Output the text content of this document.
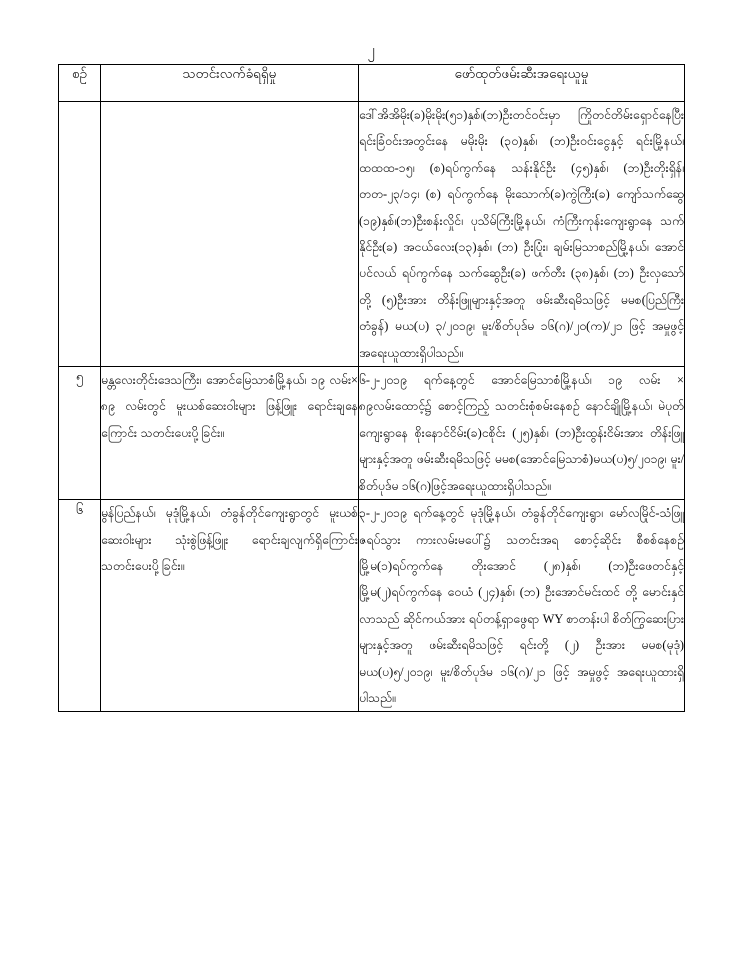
၂
စဉ်	သတင်းလက်ခံရရှိမှု	ဖော်ထုတ်ဖမ်းဆီးအရေးယူမှု
		ဒေါ်အိအိမိုး(ခ)မိုးမိုး(၅၁)နှစ်၊(ဘ)ဦးတင်ဝင်းမှာ ကြိုတင်တိမ်းရှောင်နေပြီး ရင်းခြံဝင်းအတွင်းနေ မမိုးမိုး (၃၀)နှစ်၊ (ဘ)ဦးဝင်းငွေနှင့် ရင်းမြို့နယ်၊ ထထထ-၁၅၊ (စ)ရပ်ကွက်နေ သန်းနိုင်ဦး (၄၅)နှစ်၊ (ဘ)ဦးတိုးရှိန်၊ တတ-၂၃/၁၄၊ (စ) ရပ်ကွက်နေ မိုးသောက်(ခ)ကွဲကြီး(ခ) ကျော်သက်ဆွေ (၁၉)နှစ်၊(ဘ)ဦးစန်းလှိုင်၊ ပုသိမ်ကြီးမြို့နယ်၊ ကံကြီးကုန်းကျေးရွာနေ သက်နိုင်ဦး(ခ) အငယ်လေး(၁၃)နှစ်၊ (ဘ) ဦးပြုံး၊ ချမ်းမြသာစည်မြို့နယ်၊ အောင်ပင်လယ် ရပ်ကွက်နေ သက်ဆွေဦး(ခ) ဖက်တီး (၃၈)နှစ်၊ (ဘ) ဦးလှသော် တို့ (၅)ဦးအား တိန်းဖြူများနှင့်အတူ ဖမ်းဆီးရမိသဖြင့် မမစ(ပြည်ကြီးတံခွန်) မယ(ပ) ၃/၂၀၁၉၊ မူး/စိတ်ပုဒ်မ ၁၆(ဂ)/၂၀(က)/၂၁ ဖြင့် အမှုဖွင့် အရေးယူထားရှိပါသည်။
၅	မန္တလေးတိုင်းဒေသကြီး၊ အောင်မြေသာစံမြို့နယ်၊ ၁၉ လမ်း× ၈၉ လမ်းတွင် မူးယစ်ဆေးဝါးများ ဖြန့်ဖြူး ရောင်းချနေကြောင်း သတင်းပေးပို့ခြင်း။	၆-၂-၂၀၁၉ ရက်နေ့တွင် အောင်မြေသာစံမြို့နယ်၊ ၁၉ လမ်း × ၈၉လမ်းထောင့်၌ စောင့်ကြည့် သတင်းစုံစမ်းနေစဉ် နောင်ချိုမြို့နယ်၊ မဲပုတ်ကျေးရွာနေ စိုးနောင်ငိမ်း(ခ)ငစိုင်း (၂၅)နှစ်၊ (ဘ)ဦးထွန်းငိမ်းအား တိန်းဖြူများနှင့်အတူ ဖမ်းဆီးရမိသဖြင့် မမစ(အောင်မြေသာစံ)မယ(ပ)၅/၂၀၁၉၊ မူး/စိတ်ပုဒ်မ ၁၆(ဂ)ဖြင့်အရေးယူထားရှိပါသည်။
၆	မွန်ပြည်နယ်၊ မုဒုံမြို့နယ်၊ တံခွန်တိုင်ကျေးရွာတွင် မူးယစ်ဆေးဝါးများ သုံးစွဲဖြန့်ဖြူး ရောင်းချလျက်ရှိကြောင်း သတင်းပေးပို့ခြင်း။	၃-၂-၂၀၁၉ ရက်နေ့တွင် မုဒုံမြို့နယ်၊ တံခွန်တိုင်ကျေးရွာ၊ မော်လမြိုင်-သံဖြူဇရပ်သွား ကားလမ်းမပေါ်၌ သတင်းအရ စောင့်ဆိုင်း စီစစ်နေစဉ် မြို့မ(၁)ရပ်ကွက်နေ တိုးအောင် (၂၈)နှစ်၊ (ဘ)ဦးဖေတင်နှင့် မြို့မ(၂)ရပ်ကွက်နေ ဝေယံ (၂၄)နှစ်၊ (ဘ) ဦးအောင်မင်းထင် တို့ မောင်းနှင်လာသည် ဆိုင်ကယ်အား ရပ်တန့်ရှာဖွေရာ WY စာတန်းပါ စိတ်ကြွဆေးပြားများနှင့်အတူ ဖမ်းဆီးရမိသဖြင့် ရင်းတို့ (၂) ဦးအား မမစ(မုဒုံ) မယ(ပ)၅/၂၀၁၉၊ မူး/စိတ်ပုဒ်မ ၁၆(ဂ)/၂၁ ဖြင့် အမှုဖွင့် အရေးယူထားရှိပါသည်။
